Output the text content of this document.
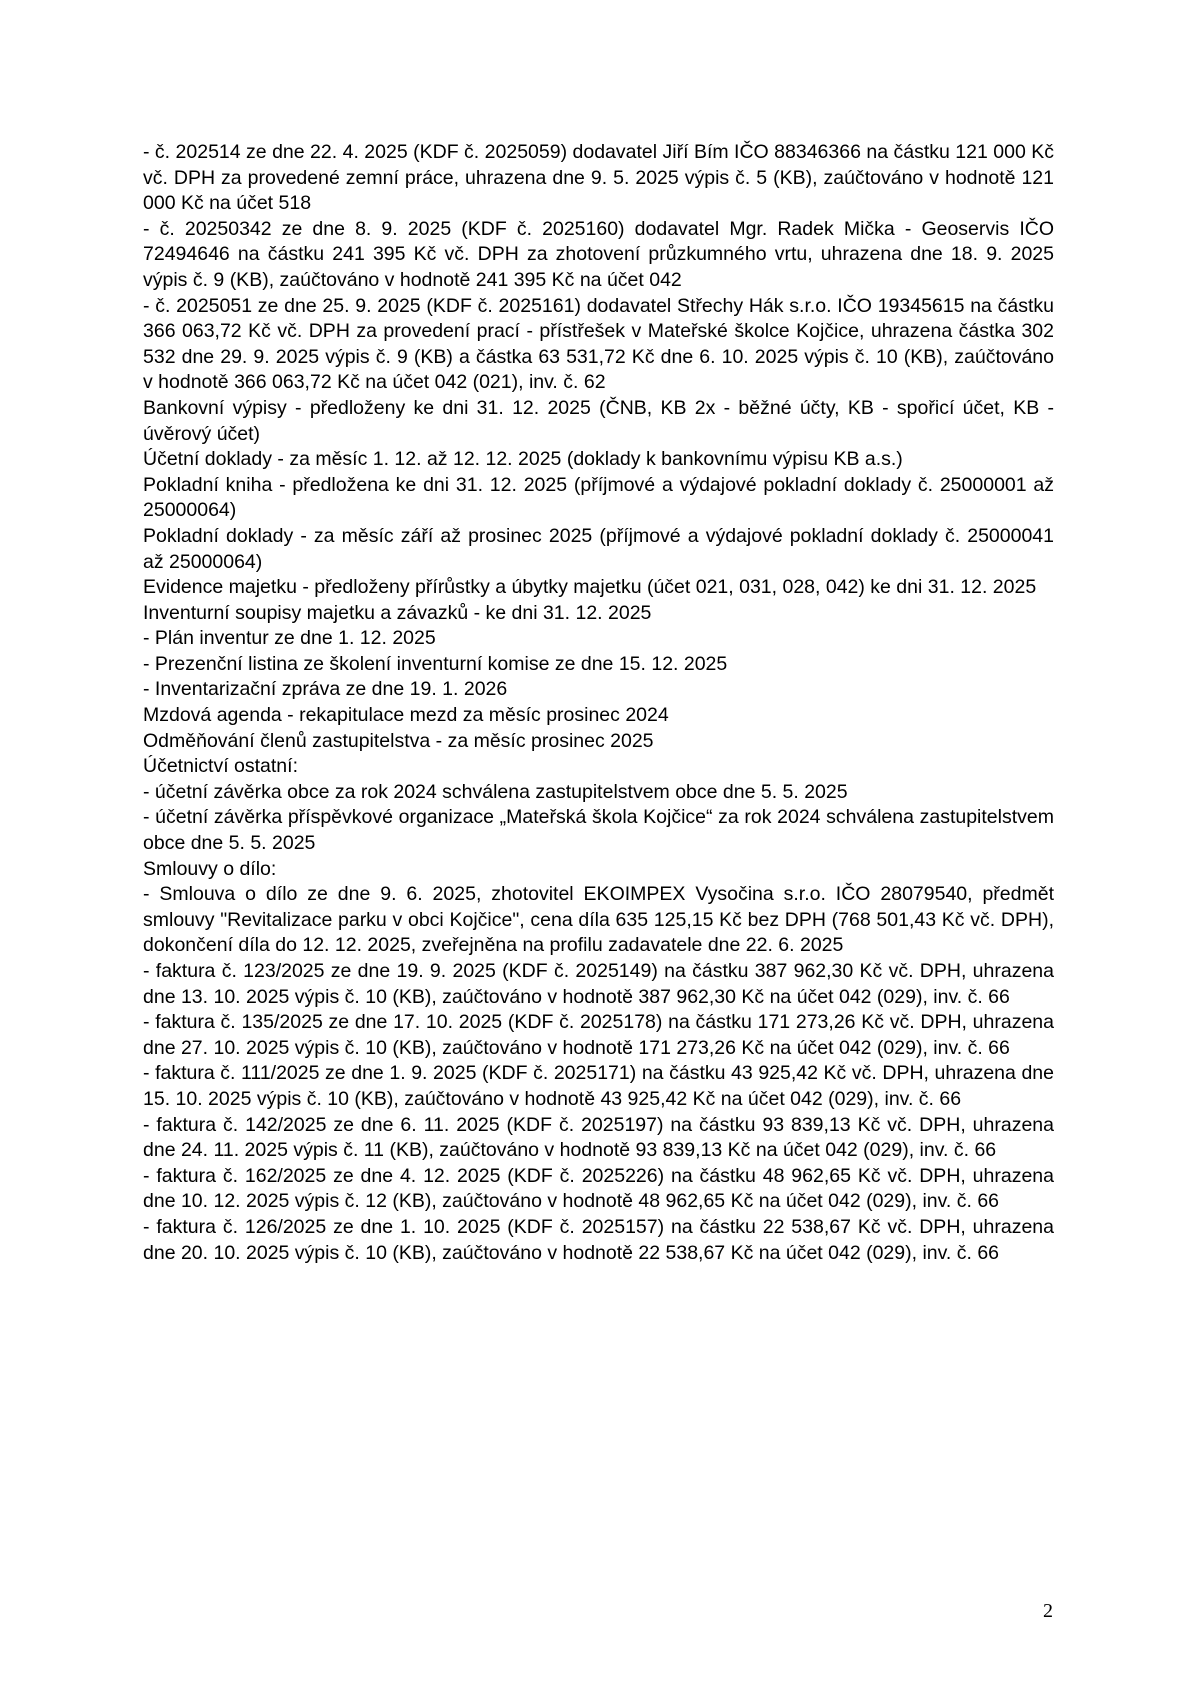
- č. 202514 ze dne 22. 4. 2025 (KDF č. 2025059) dodavatel Jiří Bím IČO 88346366 na částku 121 000 Kč vč. DPH za provedené zemní práce, uhrazena dne 9. 5. 2025 výpis č. 5 (KB), zaúčtováno v hodnotě 121 000 Kč na účet 518

- č. 20250342 ze dne 8. 9. 2025 (KDF č. 2025160) dodavatel Mgr. Radek Mička - Geoservis IČO 72494646 na částku 241 395 Kč vč. DPH za zhotovení průzkumného vrtu, uhrazena dne 18. 9. 2025 výpis č. 9 (KB), zaúčtováno v hodnotě 241 395 Kč na účet 042

- č. 2025051 ze dne 25. 9. 2025 (KDF č. 2025161) dodavatel Střechy Hák s.r.o. IČO 19345615 na částku 366 063,72 Kč vč. DPH za provedení prací - přístřešek v Mateřské školce Kojčice, uhrazena částka 302 532 dne 29. 9. 2025 výpis č. 9 (KB) a částka 63 531,72 Kč dne 6. 10. 2025 výpis č. 10 (KB), zaúčtováno v hodnotě 366 063,72 Kč na účet 042 (021), inv. č. 62

Bankovní výpisy - předloženy ke dni 31. 12. 2025 (ČNB, KB 2x - běžné účty, KB - spořicí účet, KB - úvěrový účet)

Účetní doklady - za měsíc 1. 12. až 12. 12. 2025 (doklady k bankovnímu výpisu KB a.s.)

Pokladní kniha - předložena ke dni 31. 12. 2025 (příjmové a výdajové pokladní doklady č. 25000001 až 25000064)

Pokladní doklady - za měsíc září až prosinec 2025 (příjmové a výdajové pokladní doklady č. 25000041 až 25000064)

Evidence majetku - předloženy přírůstky a úbytky majetku (účet 021, 031, 028, 042) ke dni 31. 12. 2025

Inventurní soupisy majetku a závazků - ke dni 31. 12. 2025

- Plán inventur ze dne 1. 12. 2025

- Prezenční listina ze školení inventurní komise ze dne 15. 12. 2025

- Inventarizační zpráva ze dne 19. 1. 2026

Mzdová agenda - rekapitulace mezd za měsíc prosinec 2024

Odměňování členů zastupitelstva - za měsíc prosinec 2025

Účetnictví ostatní:

- účetní závěrka obce za rok 2024 schválena zastupitelstvem obce dne 5. 5. 2025

- účetní závěrka příspěvkové organizace „Mateřská škola Kojčice“ za rok 2024 schválena zastupitelstvem obce dne 5. 5. 2025

Smlouvy o dílo:

- Smlouva o dílo ze dne 9. 6. 2025, zhotovitel EKOIMPEX Vysočina s.r.o. IČO 28079540, předmět smlouvy "Revitalizace parku v obci Kojčice", cena díla 635 125,15 Kč bez DPH (768 501,43 Kč vč. DPH), dokončení díla do 12. 12. 2025, zveřejněna na profilu zadavatele dne 22. 6. 2025

- faktura č. 123/2025 ze dne 19. 9. 2025 (KDF č. 2025149) na částku 387 962,30 Kč vč. DPH, uhrazena dne 13. 10. 2025 výpis č. 10 (KB), zaúčtováno v hodnotě 387 962,30 Kč na účet 042 (029), inv. č. 66

- faktura č. 135/2025 ze dne 17. 10. 2025 (KDF č. 2025178) na částku 171 273,26 Kč vč. DPH, uhrazena dne 27. 10. 2025 výpis č. 10 (KB), zaúčtováno v hodnotě 171 273,26 Kč na účet 042 (029), inv. č. 66

- faktura č. 111/2025 ze dne 1. 9. 2025 (KDF č. 2025171) na částku 43 925,42 Kč vč. DPH, uhrazena dne 15. 10. 2025 výpis č. 10 (KB), zaúčtováno v hodnotě 43 925,42 Kč na účet 042 (029), inv. č. 66

- faktura č. 142/2025 ze dne 6. 11. 2025 (KDF č. 2025197) na částku 93 839,13 Kč vč. DPH, uhrazena dne 24. 11. 2025 výpis č. 11 (KB), zaúčtováno v hodnotě 93 839,13 Kč na účet 042 (029), inv. č. 66

- faktura č. 162/2025 ze dne 4. 12. 2025 (KDF č. 2025226) na částku 48 962,65 Kč vč. DPH, uhrazena dne 10. 12. 2025 výpis č. 12 (KB), zaúčtováno v hodnotě 48 962,65 Kč na účet 042 (029), inv. č. 66

- faktura č. 126/2025 ze dne 1. 10. 2025 (KDF č. 2025157) na částku 22 538,67 Kč vč. DPH, uhrazena dne 20. 10. 2025 výpis č. 10 (KB), zaúčtováno v hodnotě 22 538,67 Kč na účet 042 (029), inv. č. 66

2
